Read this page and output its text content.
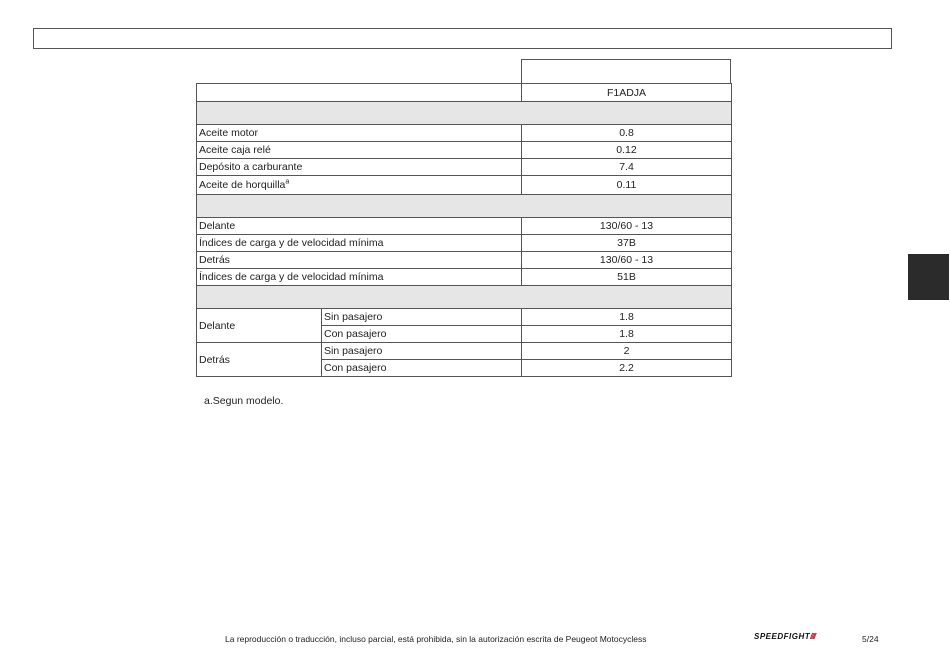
		F1ADJA

Aceite motor		0.8
Aceite caja relé		0.12
Depósito a carburante		7.4
Aceite de horquilla$^a$		0.11

Delante		130/60 - 13
Índices de carga y de velocidad mínima		37B
Detrás		130/60 - 13
Índices de carga y de velocidad mínima		51B

Delante	Sin pasajero	1.8
	Con pasajero	1.8
Detrás	Sin pasajero	2
	Con pasajero	2.2
a.Segun modelo.
La reproducción o traducción, incluso parcial, está prohibida, sin la autorización escrita de Peugeot Motocycless	SPEEDFIGHT////	5/24
